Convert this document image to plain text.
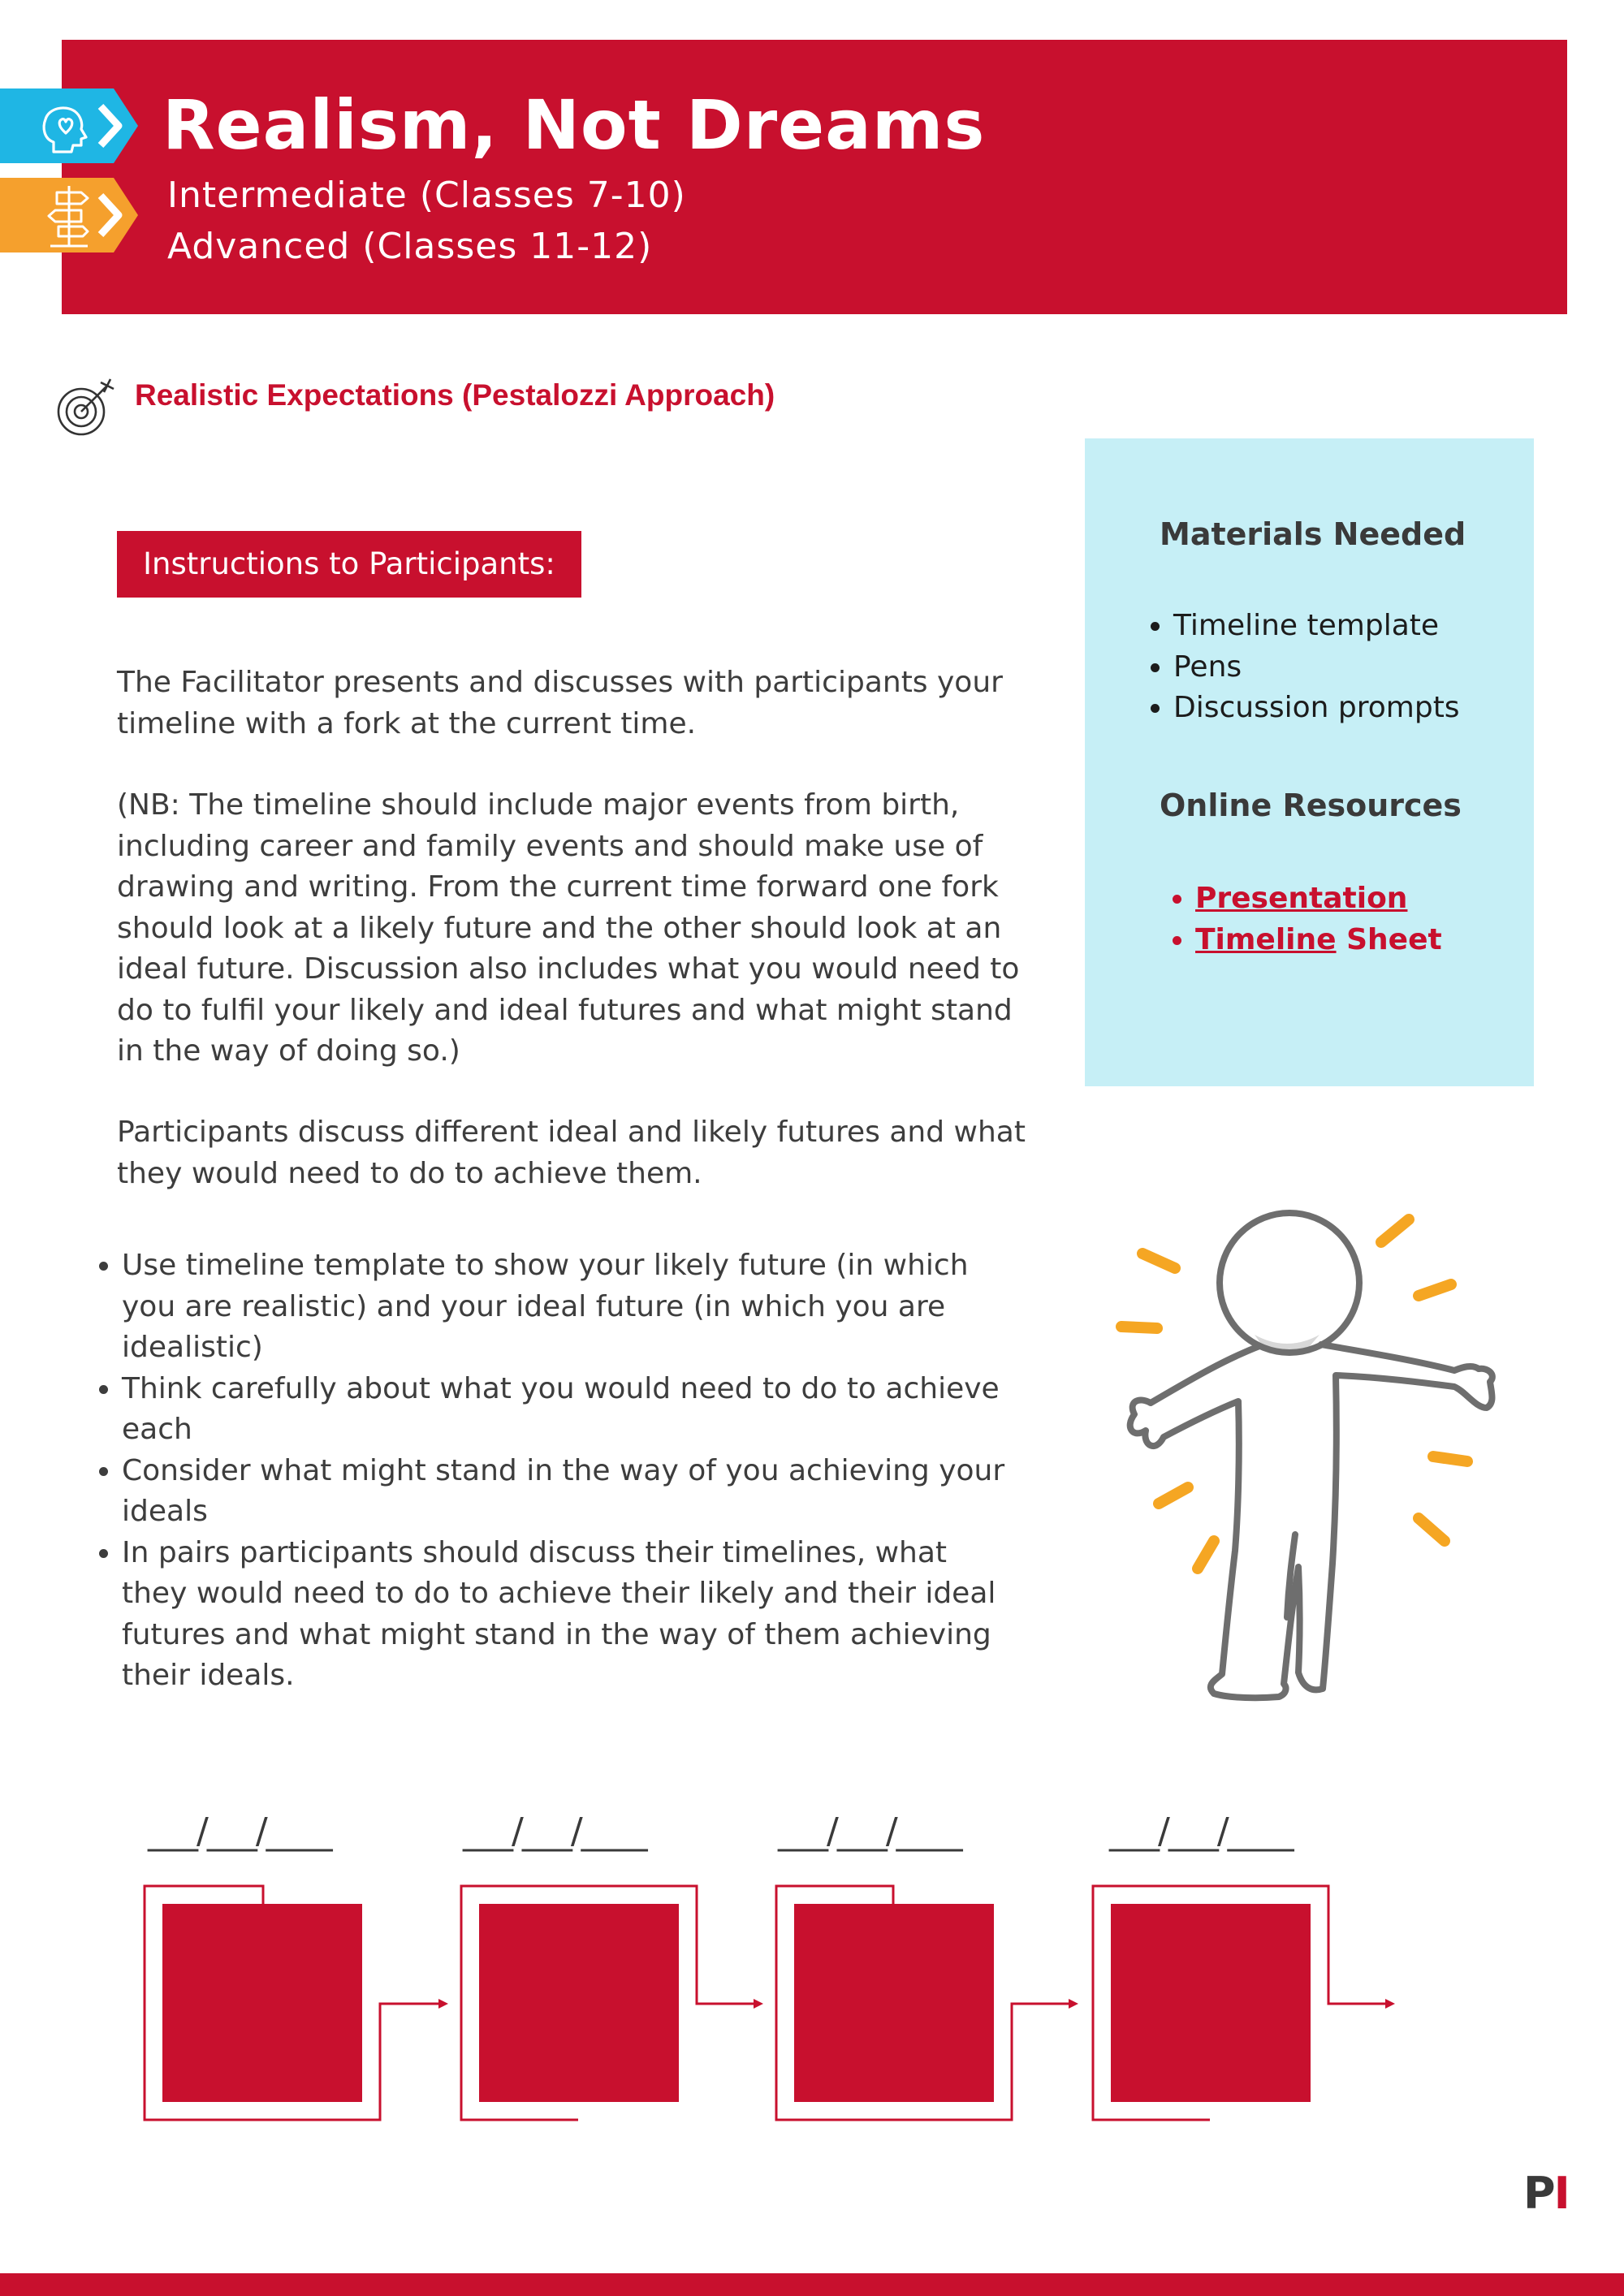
Realism, Not Dreams
Intermediate (Classes 7-10)
Advanced (Classes 11-12)
Realistic Expectations (Pestalozzi Approach)
Instructions to Participants:

The Facilitator presents and discusses with participants your timeline with a fork at the current time.

(NB: The timeline should include major events from birth, including career and family events and should make use of drawing and writing. From the current time forward one fork should look at a likely future and the other should look at an ideal future. Discussion also includes what you would need to do to fulfil your likely and ideal futures and what might stand in the way of doing so.)

Participants discuss different ideal and likely futures and what they would need to do to achieve them.

• Use timeline template to show your likely future (in which you are realistic) and your ideal future (in which you are idealistic)
• Think carefully about what you would need to do to achieve each
• Consider what might stand in the way of you achieving your ideals
• In pairs participants should discuss their timelines, what they would need to do to achieve their likely and their ideal futures and what might stand in the way of them achieving their ideals.
Materials Needed
• Timeline template
• Pens
• Discussion prompts
Online Resources
• Presentation
• Timeline Sheet
___/___/____	___/___/____	___/___/____	___/___/____
PI
